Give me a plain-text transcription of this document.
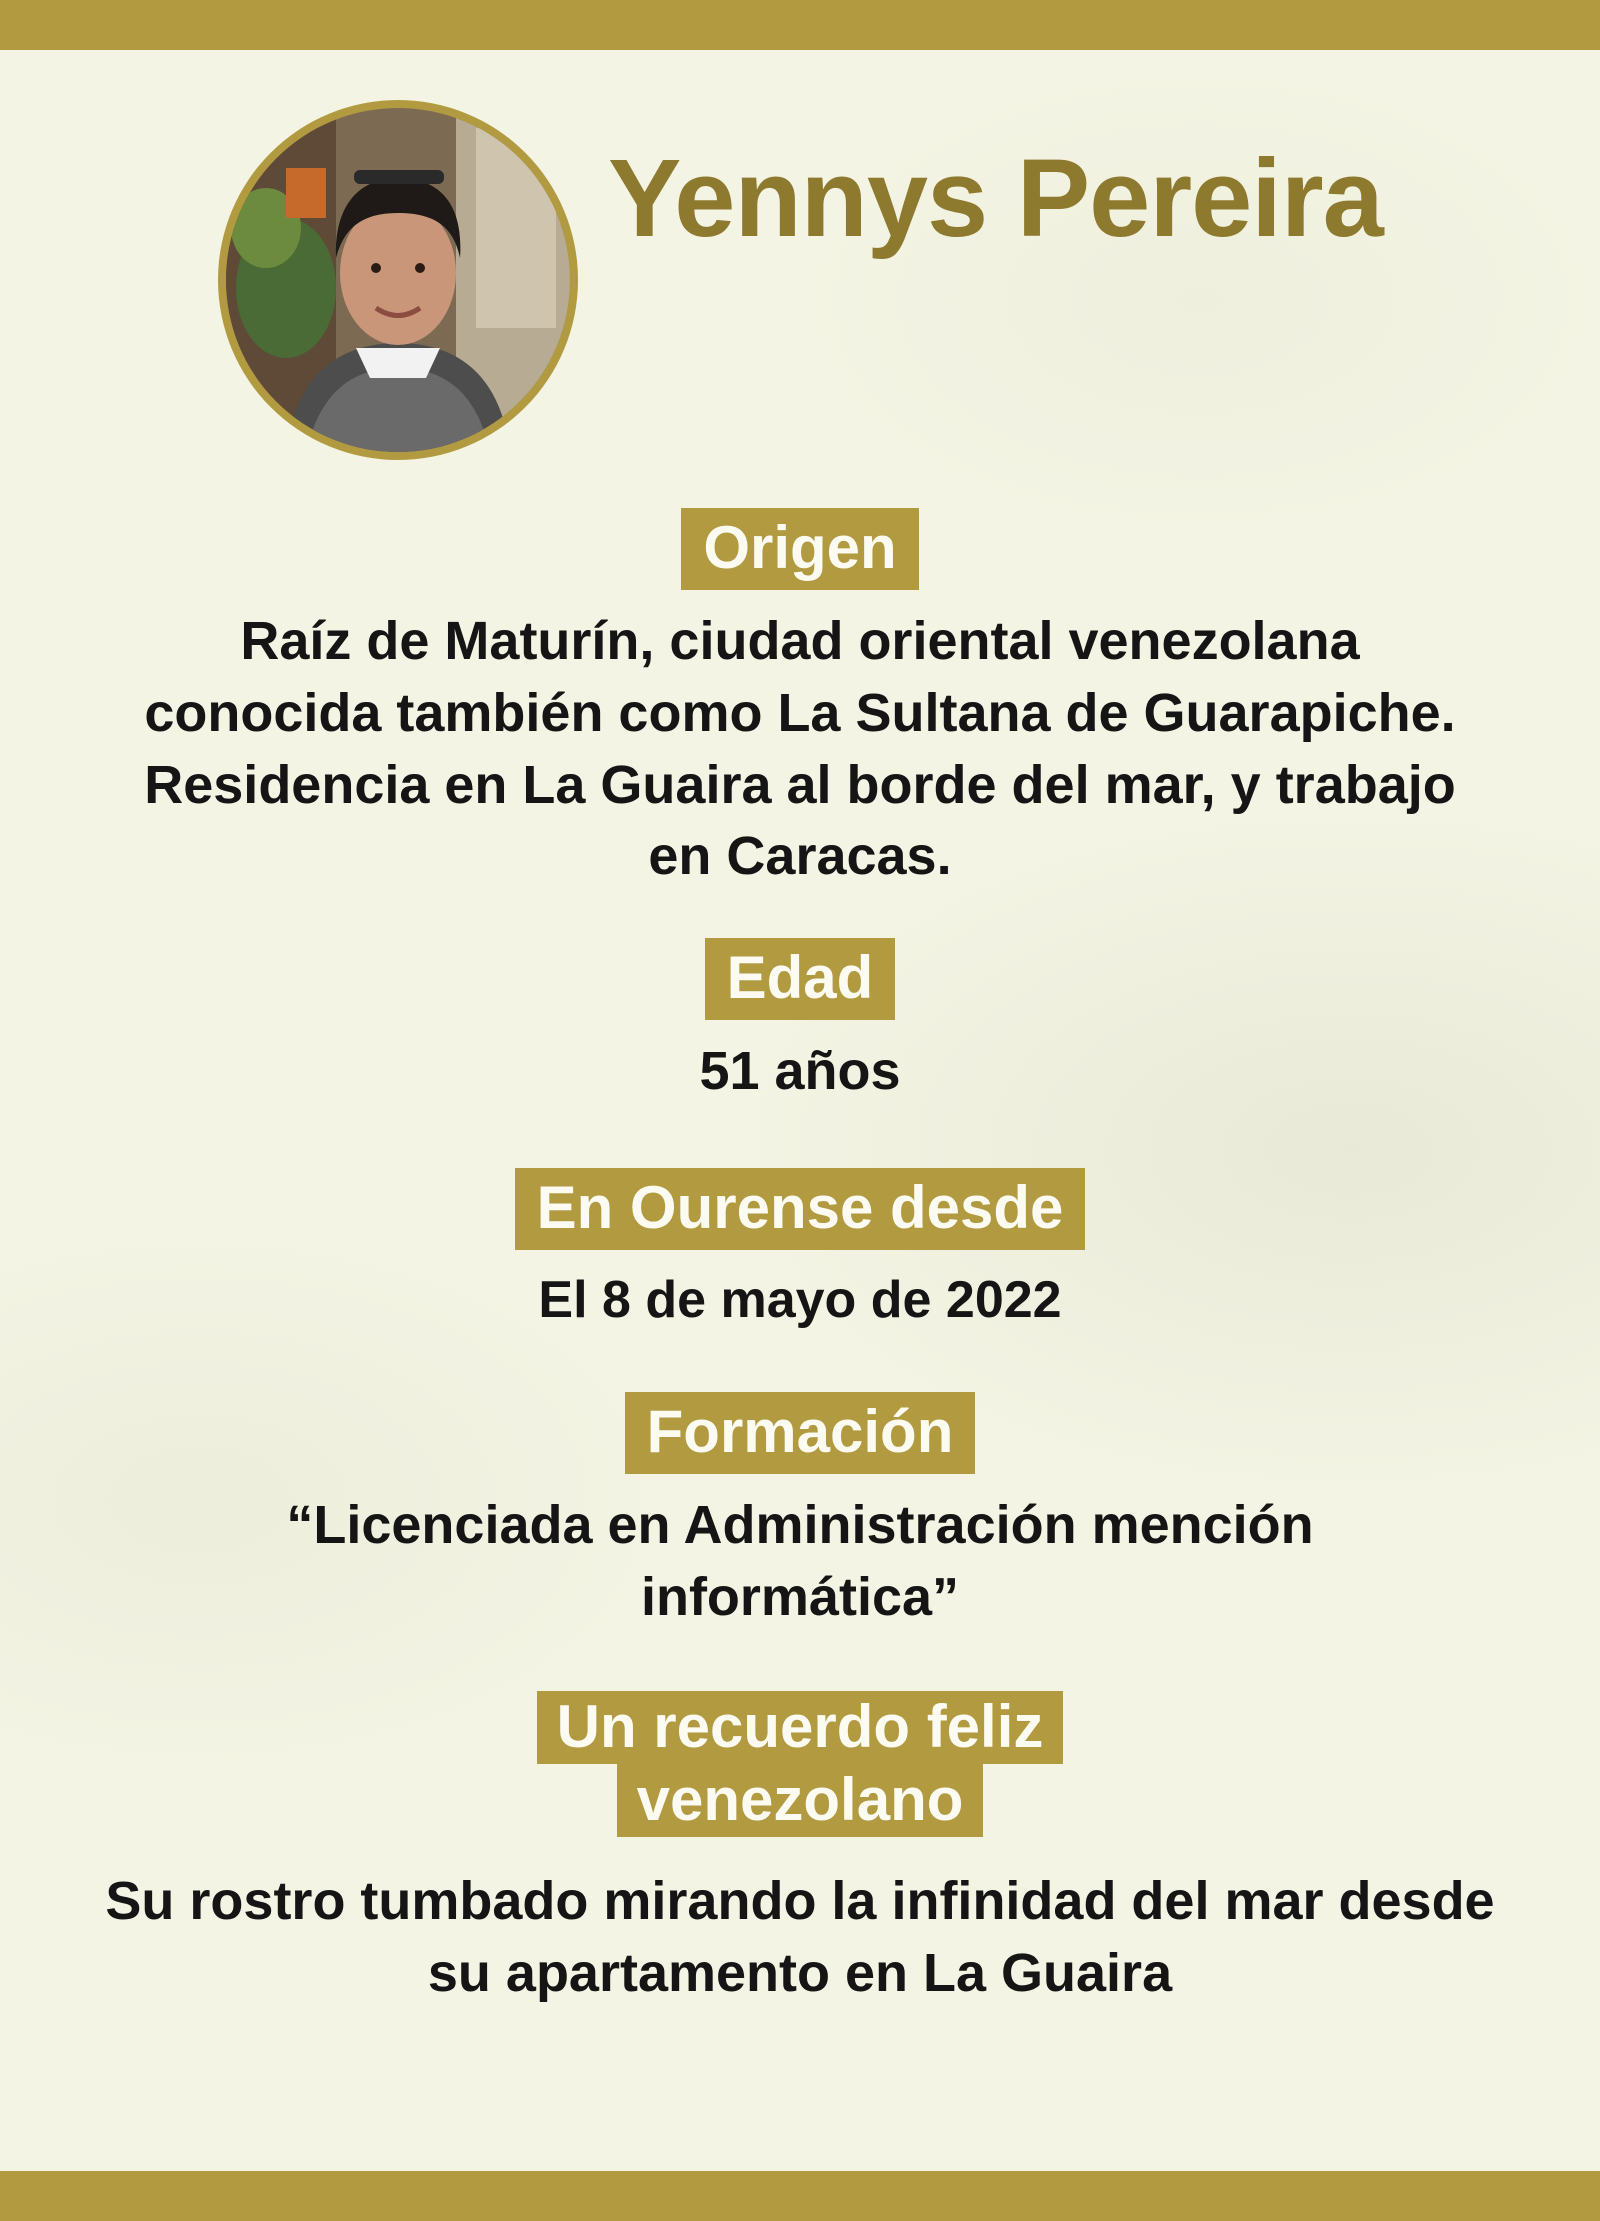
Yennys Pereira
Origen
Raíz de Maturín, ciudad oriental venezolana conocida también como La Sultana de Guarapiche. Residencia en La Guaira al borde del mar, y trabajo en Caracas.
Edad
51 años
En Ourense desde
El 8 de mayo de 2022
Formación
“Licenciada en Administración mención informática”
Un recuerdo feliz venezolano
Su rostro tumbado mirando la infinidad del mar desde su apartamento en La Guaira
